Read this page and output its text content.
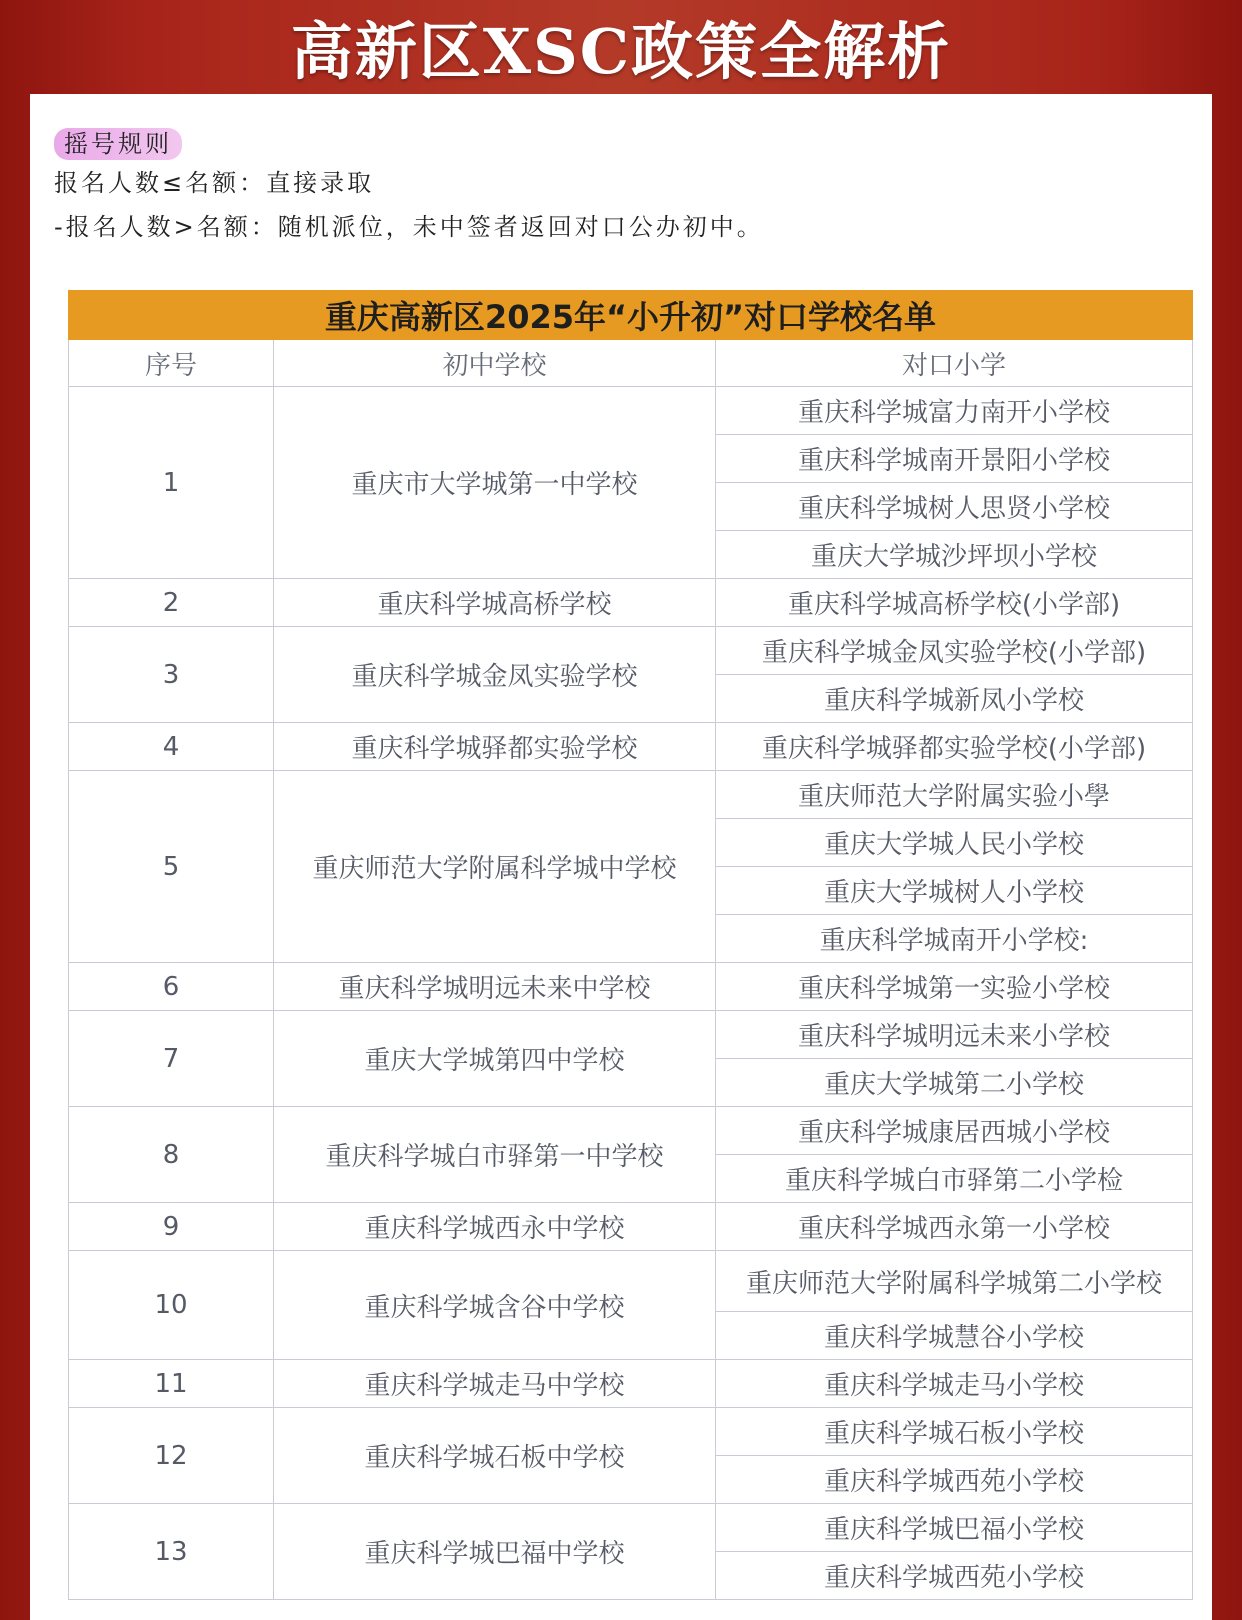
高新区XSC政策全解析
摇号规则
报名人数≤名额：直接录取
-报名人数>名额：随机派位，未中签者返回对口公办初中。
重庆高新区2025年“小升初”对口学校名单		
序号	初中学校	对口小学
1	重庆市大学城第一中学校	重庆科学城富力南开小学校
		重庆科学城南开景阳小学校
		重庆科学城树人思贤小学校
		重庆大学城沙坪坝小学校
2	重庆科学城高桥学校	重庆科学城高桥学校(小学部)
3	重庆科学城金凤实验学校	重庆科学城金凤实验学校(小学部)
		重庆科学城新凤小学校
4	重庆科学城驿都实验学校	重庆科学城驿都实验学校(小学部)
5	重庆师范大学附属科学城中学校	重庆师范大学附属实验小學
		重庆大学城人民小学校
		重庆大学城树人小学校
		重庆科学城南开小学校:
6	重庆科学城明远未来中学校	重庆科学城第一实验小学校
7	重庆大学城第四中学校	重庆科学城明远未来小学校
		重庆大学城第二小学校
8	重庆科学城白市驿第一中学校	重庆科学城康居西城小学校
		重庆科学城白市驿第二小学检
9	重庆科学城西永中学校	重庆科学城西永第一小学校
10	重庆科学城含谷中学校	重庆师范大学附属科学城第二小学校
		重庆科学城慧谷小学校
11	重庆科学城走马中学校	重庆科学城走马小学校
12	重庆科学城石板中学校	重庆科学城石板小学校
		重庆科学城西苑小学校
13	重庆科学城巴福中学校	重庆科学城巴福小学校
		重庆科学城西苑小学校
